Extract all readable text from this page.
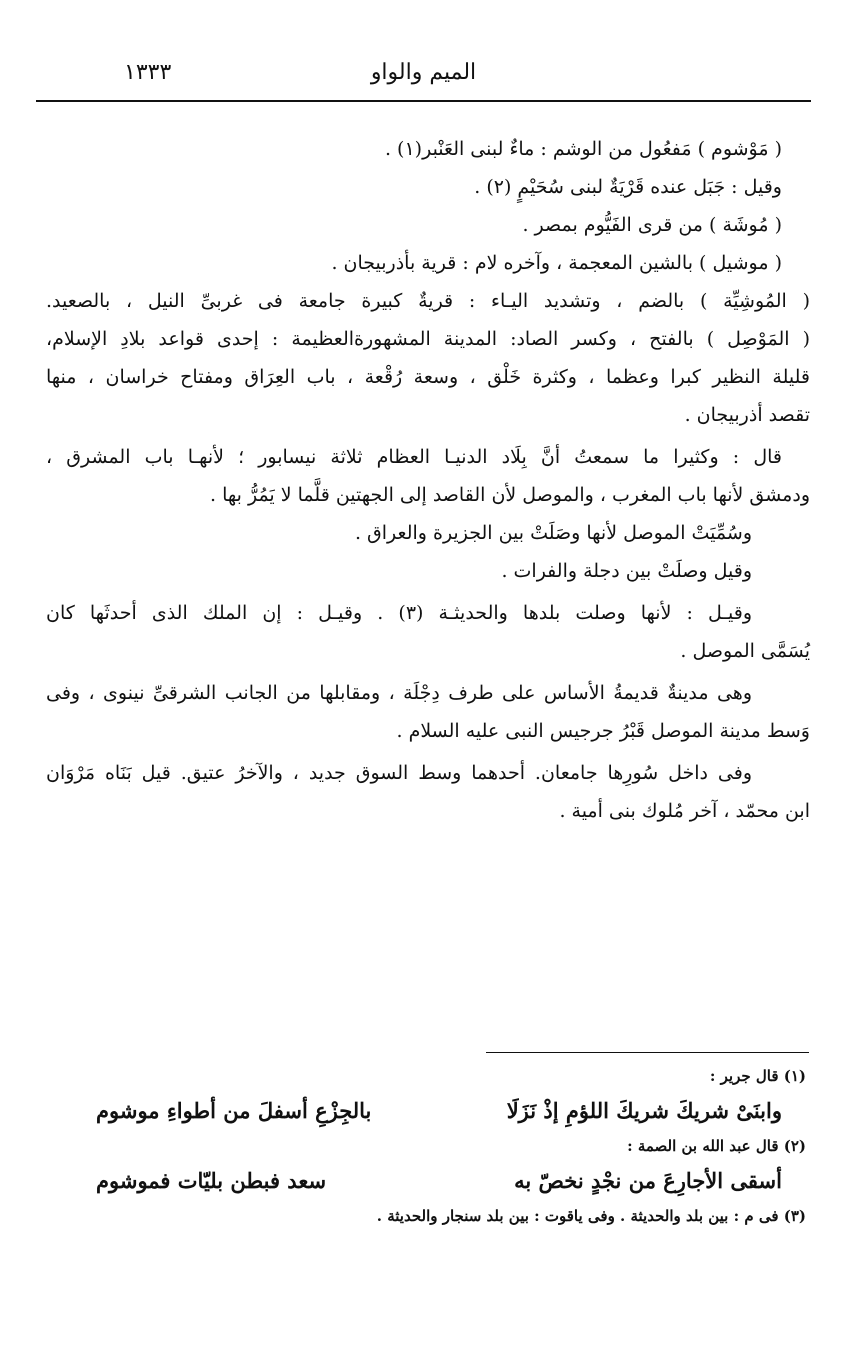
١٣٣٣	الميم والواو
( مَوْشوم ) مَفعُول من الوشم : ماءٌ لبنى العَنْبر(١) .
وقيل : جَبَل عنده قَرْيَةٌ لبنى سُحَيْمٍ (٢) .
( مُوشَة ) من قرى الفَيُّوم بمصر .
( موشيل ) بالشين المعجمة ، وآخره لام : قرية بأذربيجان .
( المُوشِيِّة ) بالضم ، وتشديد اليـاء : قريةٌ كبيرة جامعة فى غربىِّ النيل ، بالصعيد.
( المَوْصِل ) بالفتح ، وكسر الصاد: المدينة المشهورةالعظيمة : إحدى قواعد بلادِ الإسلام،
قليلة النظير كبرا وعظما ، وكثرة خَلْق ، وسعة رُقْعة ، باب العِرَاق ومفتاح خراسان ، منها
تقصد أذربيجان .
قال : وكثيرا ما سمعتُ أنَّ بِلَاد الدنيـا العظام ثلاثة نيسابور ؛ لأنهـا باب المشرق ،
ودمشق لأنها باب المغرب ، والموصل لأن القاصد إلى الجهتين قلَّما لا يَمُرُّ بها .
وسُمِّيَتْ الموصل لأنها وصَلَتْ بين الجزيرة والعراق .
وقيل وصلَتْ بين دجلة والفرات .
وقيـل : لأنها وصلت بلدها والحديثـة (٣) . وقيـل : إن الملك الذى أحدثَها كان
يُسَمَّى الموصل .
وهى مدينةٌ قديمةُ الأساس على طرف دِجْلَة ، ومقابلها من الجانب الشرقىِّ نينوى ، وفى
وَسط مدينة الموصل قَبْرُ جرجيس النبى عليه السلام .
وفى داخل سُورِها جامعان. أحدهما وسط السوق جديد ، والآخرُ عتيق. قيل بَنَاه مَرْوَان
ابن محمّد ، آخر مُلوك بنى أمية .
(١) قال جرير :
وابنَىْ شريكَ شريكَ اللؤمِ إذْ نَزَلَا
بالجِزْعِ أسفلَ من أطواءِ موشوم
(٢) قال عبد الله بن الصمة :
أسقى الأجارِعَ من نجْدٍ نخصّ به
سعد فبطن بليّات فموشوم
(٣) فى م : بين بلد والحديثة . وفى ياقوت : بين بلد سنجار والحديثة .
